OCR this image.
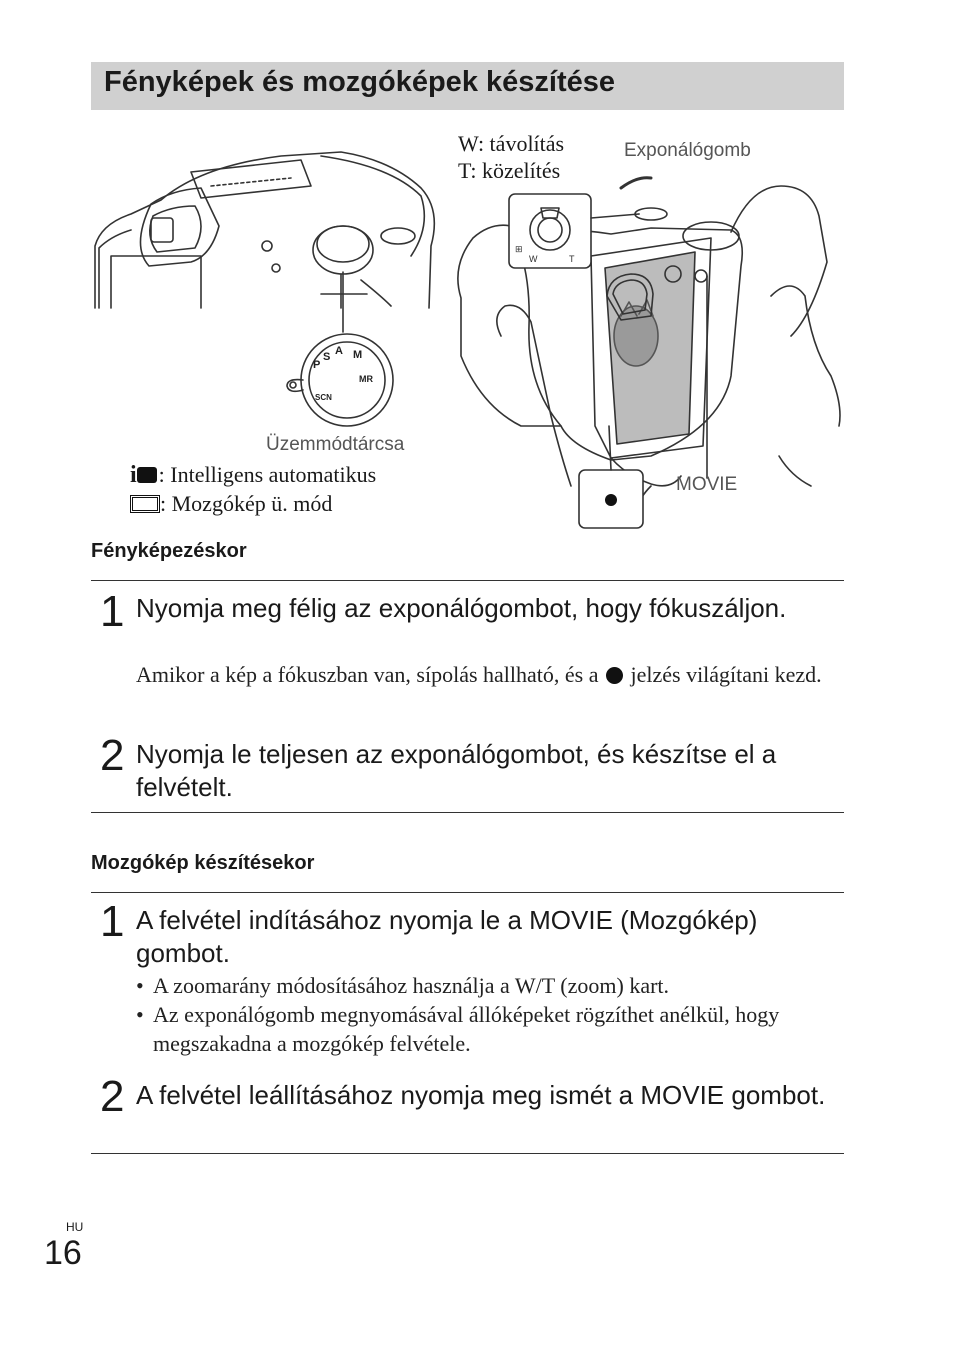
Fényképek és mozgóképek készítése
⊞
W	T
A
S
P
M
MR
SCN
W: távolítás
T: közelítés
Exponálógomb
Üzemmódtárcsa
MOVIE
i : Intelligens automatikus
: Mozgókép ü. mód
Fényképezéskor
1 Nyomja meg félig az exponálógombot, hogy fókuszáljon.
Amikor a kép a fókuszban van, sípolás hallható, és a jelzés világítani kezd.
2 Nyomja le teljesen az exponálógombot, és készítse el a felvételt.
Mozgókép készítésekor
1 A felvétel indításához nyomja le a MOVIE (Mozgókép) gombot.
• A zoomarány módosításához használja a W/T (zoom) kart.
• Az exponálógomb megnyomásával állóképeket rögzíthet anélkül, hogy megszakadna a mozgókép felvétele.
2 A felvétel leállításához nyomja meg ismét a MOVIE gombot.
HU
16
